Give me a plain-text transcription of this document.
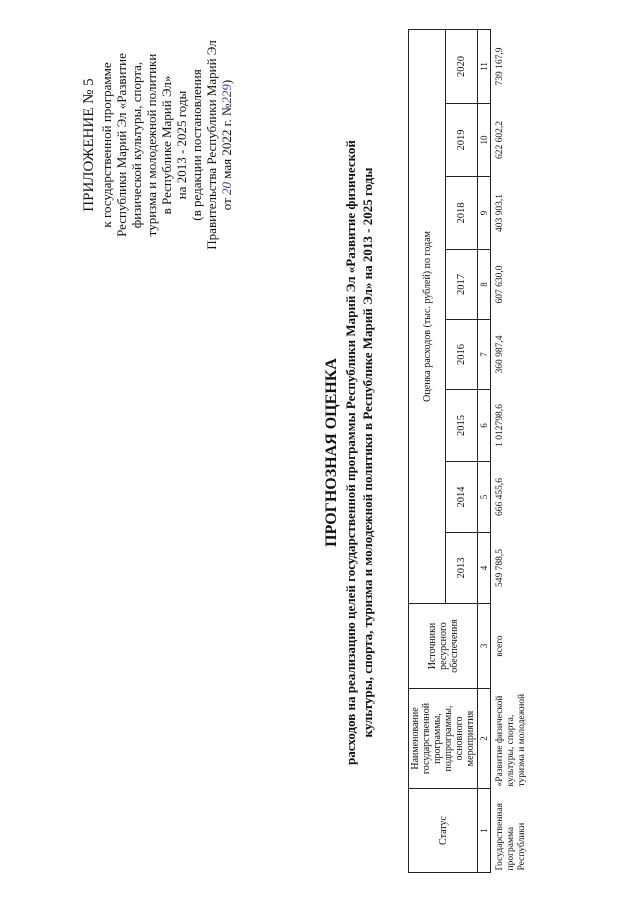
ПРИЛОЖЕНИЕ № 5 к государственной программе Республики Марий Эл «Развитие физической культуры, спорта, туризма и молодежной политики в Республике Марий Эл» на 2013 - 2025 годы (в редакции постановления Правительства Республики Марий Эл от 20 мая 2022 г. №229)
ПРОГНОЗНАЯ ОЦЕНКА расходов на реализацию целей государственной программы Республики Марий Эл «Развитие физической культуры, спорта, туризма и молодежной политики в Республике Марий Эл» на 2013 - 2025 годы
Статус	Наименование государственной программы, подпрограммы, основного мероприятия	Источники ресурсного обеспечения	Оценка расходов (тыс. рублей) по годам							
			2013	2014	2015	2016	2017	2018	2019	2020
1	2	3	4	5	6	7	8	9	10	11
Государственная программа Республики	«Развитие физической культуры, спорта, туризма и молодежной	всего	549 788,5	666 455,6	1 012798,6	360 987,4	607 630,0	403 903,1	622 602,2	739 167,9
